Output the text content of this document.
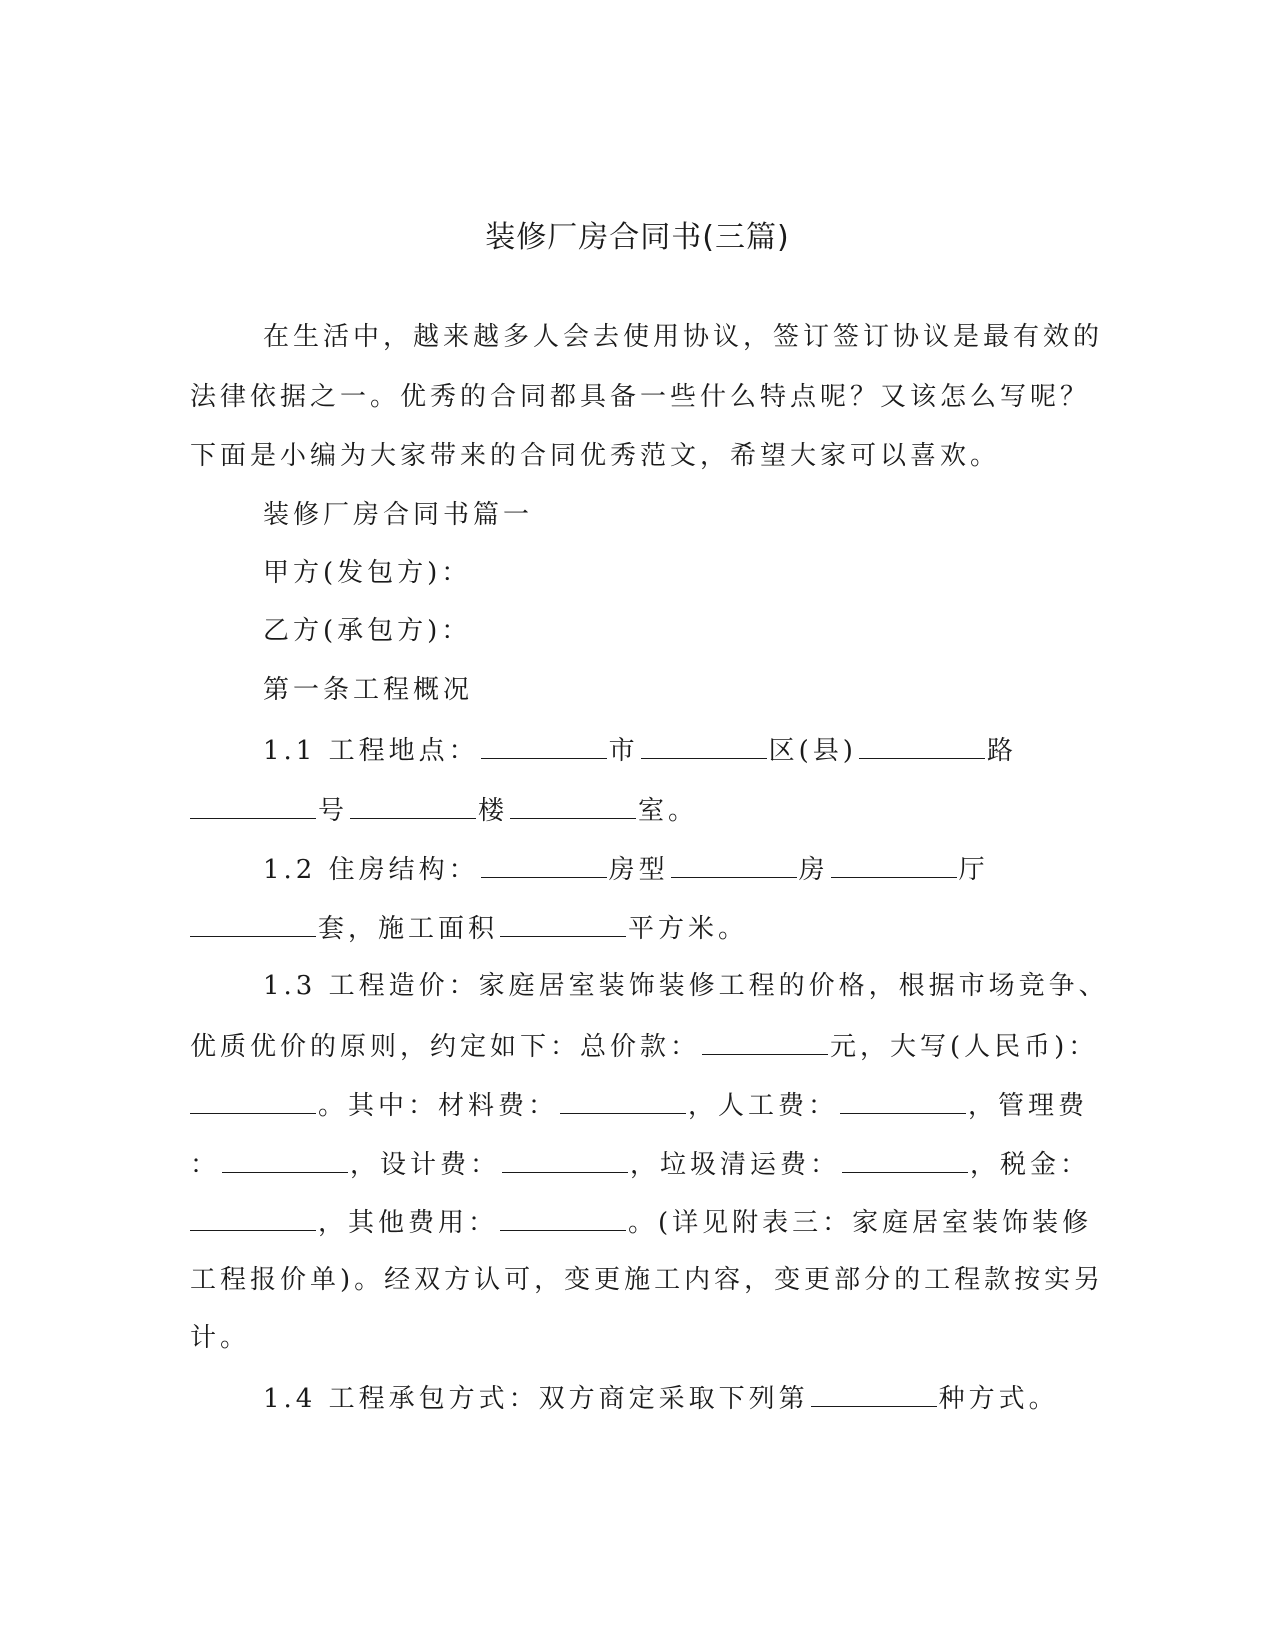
装修厂房合同书(三篇)
在生活中，越来越多人会去使用协议，签订签订协议是最有效的
法律依据之一。优秀的合同都具备一些什么特点呢？又该怎么写呢？
下面是小编为大家带来的合同优秀范文，希望大家可以喜欢。
装修厂房合同书篇一
甲方(发包方)：
乙方(承包方)：
第一条工程概况
1.1 工程地点：	市	区(县)	路
号	楼	室。
1.2 住房结构：	房型	房	厅
套，施工面积	平方米。
1.3 工程造价：家庭居室装饰装修工程的价格，根据市场竞争、
优质优价的原则，约定如下：总价款：	元，大写(人民币)：
。其中：材料费：	，人工费：	，管理费
：	，设计费：	，垃圾清运费：	，税金：
，其他费用：	。(详见附表三：家庭居室装饰装修
工程报价单)。经双方认可，变更施工内容，变更部分的工程款按实另
计。
1.4 工程承包方式：双方商定采取下列第	种方式。
